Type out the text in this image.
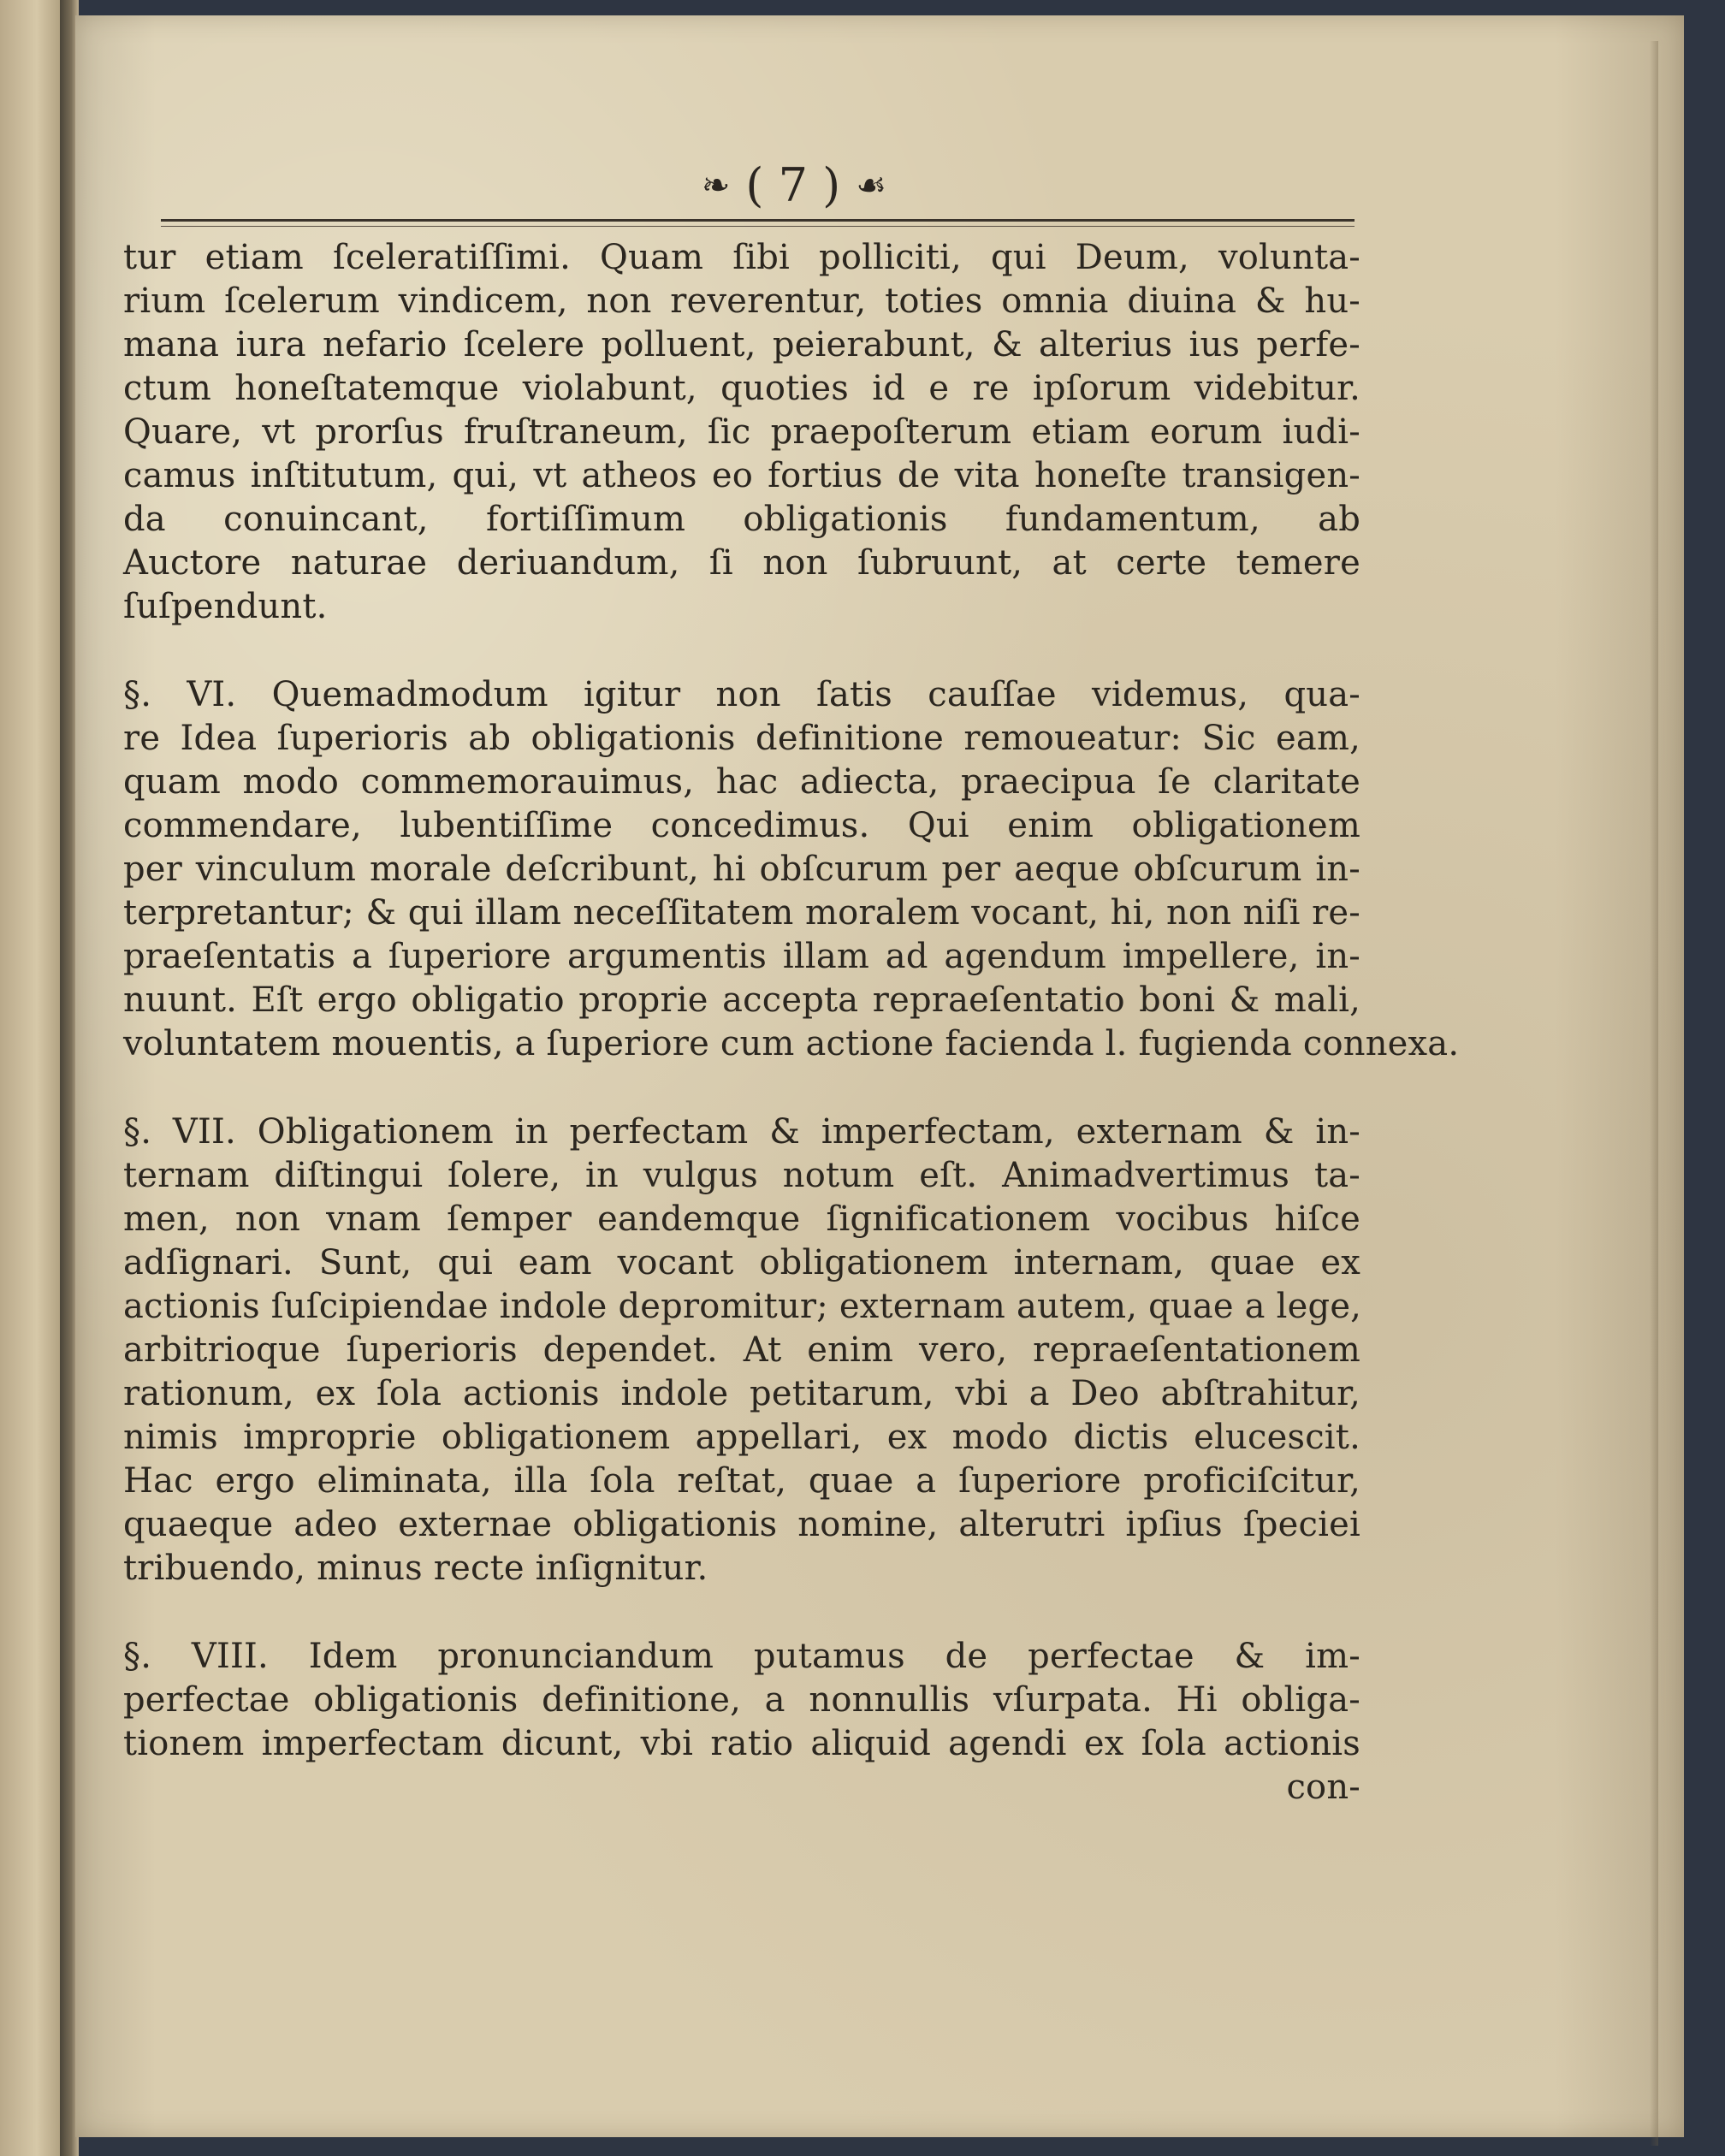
❧ ( 7 ) ☙
tur etiam ſceleratiſſimi. Quam ſibi polliciti, qui Deum, volunta-
rium ſcelerum vindicem, non reverentur, toties omnia diuina & hu-
mana iura nefario ſcelere polluent, peierabunt, & alterius ius perfe-
ctum honeſtatemque violabunt, quoties id e re ipſorum videbitur.
Quare, vt prorſus fruſtraneum, ſic praepoſterum etiam eorum iudi-
camus inſtitutum, qui, vt atheos eo fortius de vita honeſte transigen-
da conuincant, fortiſſimum obligationis fundamentum, ab
Auctore naturae deriuandum, ſi non ſubruunt, at certe temere
ſuſpendunt.
§. VI. Quemadmodum igitur non ſatis cauſſae videmus, qua-
re Idea ſuperioris ab obligationis definitione remoueatur: Sic eam,
quam modo commemorauimus, hac adiecta, praecipua ſe claritate
commendare, lubentiſſime concedimus. Qui enim obligationem
per vinculum morale deſcribunt, hi obſcurum per aeque obſcurum in-
terpretantur; & qui illam neceſſitatem moralem vocant, hi, non niſi re-
praeſentatis a ſuperiore argumentis illam ad agendum impellere, in-
nuunt. Eſt ergo obligatio proprie accepta repraeſentatio boni & mali,
voluntatem mouentis, a ſuperiore cum actione facienda l. fugienda connexa.
§. VII. Obligationem in perfectam & imperfectam, externam & in-
ternam diſtingui ſolere, in vulgus notum eſt. Animadvertimus ta-
men, non vnam ſemper eandemque ſignificationem vocibus hiſce
adſignari. Sunt, qui eam vocant obligationem internam, quae ex
actionis ſuſcipiendae indole depromitur; externam autem, quae a lege,
arbitrioque ſuperioris dependet. At enim vero, repraeſentationem
rationum, ex ſola actionis indole petitarum, vbi a Deo abſtrahitur,
nimis improprie obligationem appellari, ex modo dictis elucescit.
Hac ergo eliminata, illa ſola reſtat, quae a ſuperiore proficiſcitur,
quaeque adeo externae obligationis nomine, alterutri ipſius ſpeciei
tribuendo, minus recte inſignitur.
§. VIII. Idem pronunciandum putamus de perfectae & im-
perfectae obligationis definitione, a nonnullis vſurpata. Hi obliga-
tionem imperfectam dicunt, vbi ratio aliquid agendi ex ſola actionis
con-
